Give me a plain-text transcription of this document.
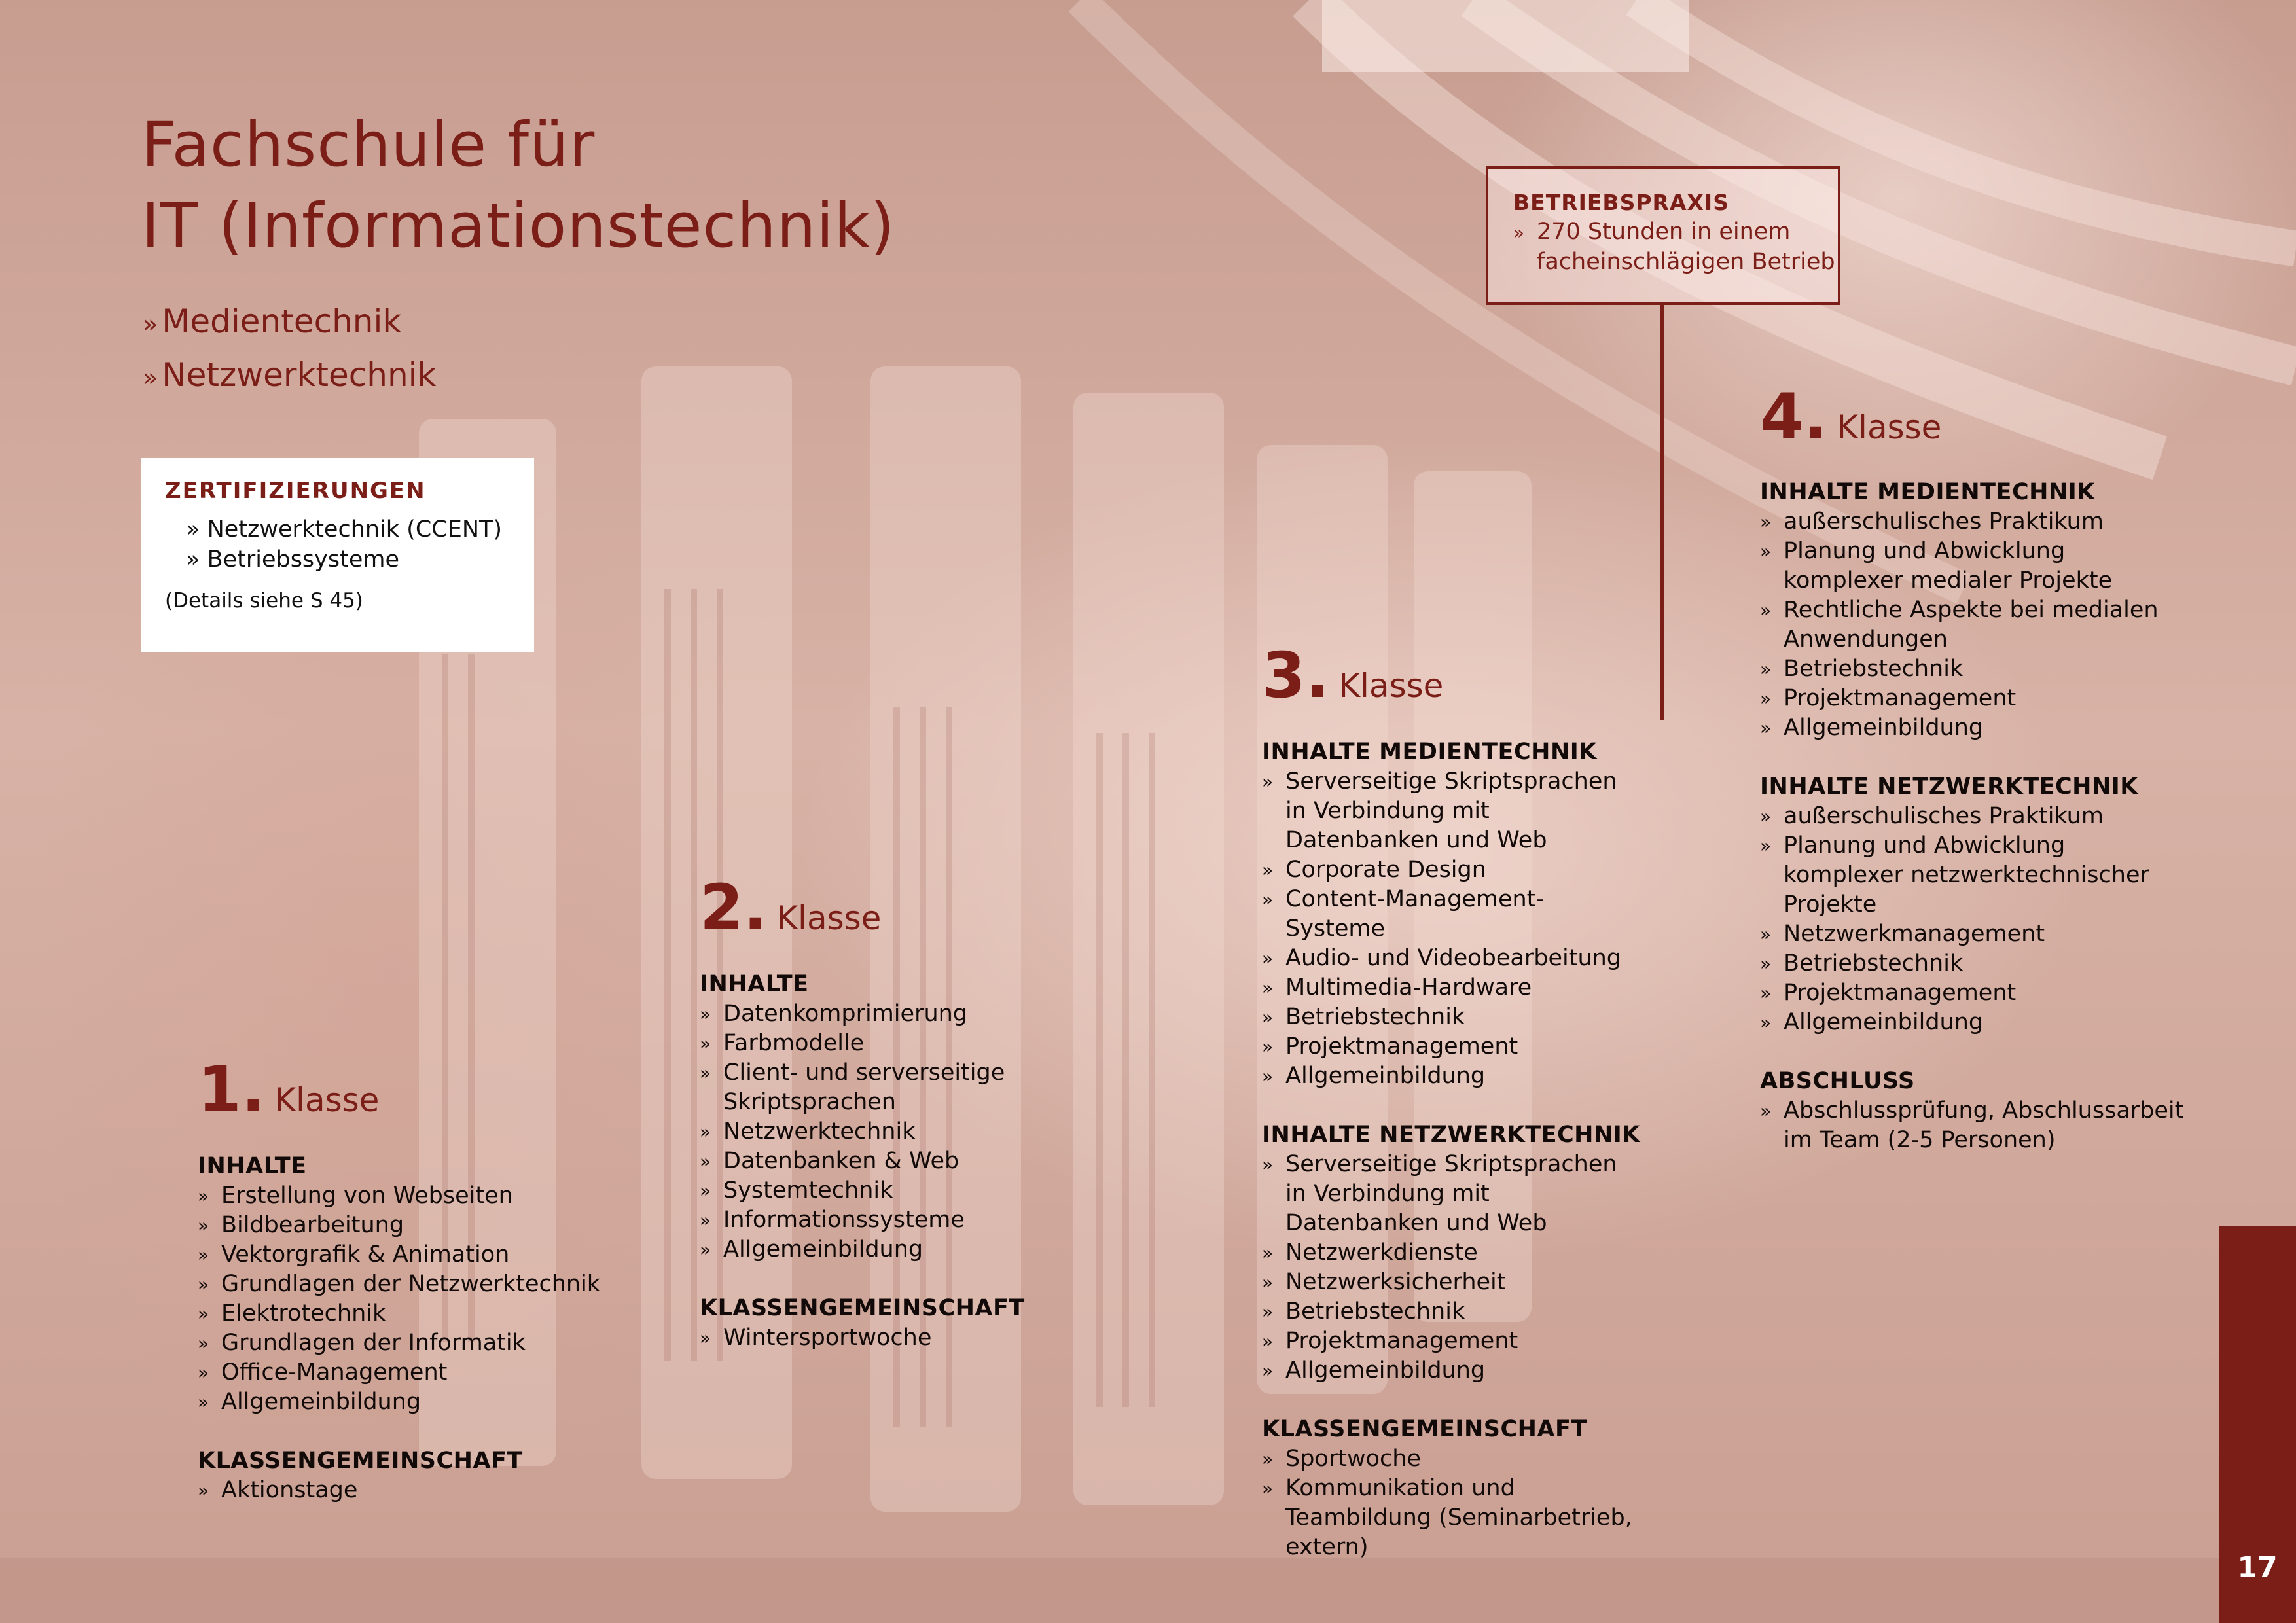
Fachschule für
IT (Informationstechnik)
» Medientechnik
» Netzwerktechnik
ZERTIFIZIERUNGEN
» Netzwerktechnik (CCENT)
» Betriebssysteme
(Details siehe S 45)
BETRIEBSPRAXIS
» 270 Stunden in einem
facheinschlägigen Betrieb
1. Klasse
INHALTE
» Erstellung von Webseiten
» Bildbearbeitung
» Vektorgrafik & Animation
» Grundlagen der Netzwerktechnik
» Elektrotechnik
» Grundlagen der Informatik
» Office-Management
» Allgemeinbildung
KLASSENGEMEINSCHAFT
» Aktionstage
2. Klasse
INHALTE
» Datenkomprimierung
» Farbmodelle
» Client- und serverseitige Skriptsprachen
» Netzwerktechnik
» Datenbanken & Web
» Systemtechnik
» Informationssysteme
» Allgemeinbildung
KLASSENGEMEINSCHAFT
» Wintersportwoche
3. Klasse
INHALTE MEDIENTECHNIK
» Serverseitige Skriptsprachen in Verbindung mit Datenbanken und Web
» Corporate Design
» Content-Management-Systeme
» Audio- und Videobearbeitung
» Multimedia-Hardware
» Betriebstechnik
» Projektmanagement
» Allgemeinbildung
INHALTE NETZWERKTECHNIK
» Serverseitige Skriptsprachen in Verbindung mit Datenbanken und Web
» Netzwerkdienste
» Netzwerksicherheit
» Betriebstechnik
» Projektmanagement
» Allgemeinbildung
KLASSENGEMEINSCHAFT
» Sportwoche
» Kommunikation und Teambildung (Seminarbetrieb, extern)
4. Klasse
INHALTE MEDIENTECHNIK
» außerschulisches Praktikum
» Planung und Abwicklung komplexer medialer Projekte
» Rechtliche Aspekte bei medialen Anwendungen
» Betriebstechnik
» Projektmanagement
» Allgemeinbildung
INHALTE NETZWERKTECHNIK
» außerschulisches Praktikum
» Planung und Abwicklung komplexer netzwerktechnischer Projekte
» Netzwerkmanagement
» Betriebstechnik
» Projektmanagement
» Allgemeinbildung
ABSCHLUSS
» Abschlussprüfung, Abschlussarbeit im Team (2-5 Personen)
17
